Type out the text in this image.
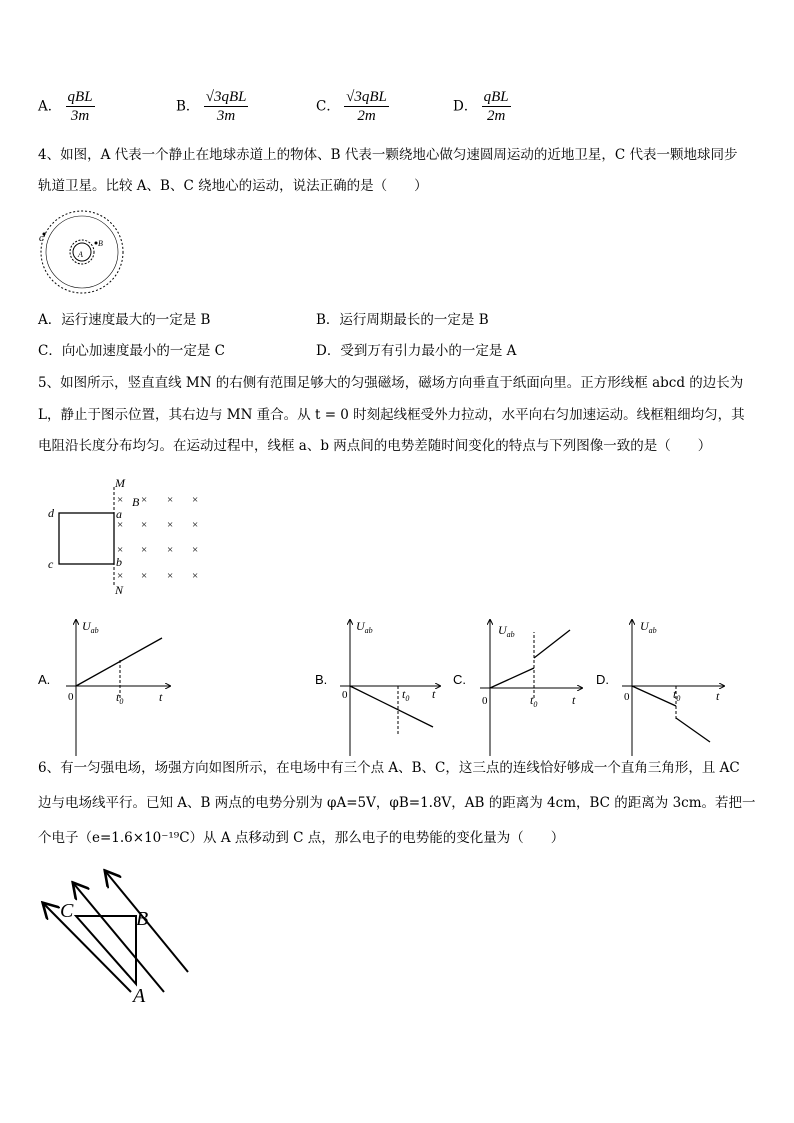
A． $\frac{\text{qBL}}{3m}$	B． $\frac{\text{√3qBL}}{3m}$	C． $\frac{\text{√3qBL}}{2m}$	D． $\frac{\text{qBL}}{2m}$
4、如图，A 代表一个静止在地球赤道上的物体、B 代表一颗绕地心做匀速圆周运动的近地卫星，C 代表一颗地球同步
轨道卫星。比较 A、B、C 绕地心的运动，说法正确的是（　　）
c
A
B
A．运行速度最大的一定是 B	B．运行周期最长的一定是 B
C．向心加速度最小的一定是 C	D．受到万有引力最小的一定是 A
5、如图所示，竖直直线 MN 的右侧有范围足够大的匀强磁场，磁场方向垂直于纸面向里。正方形线框 abcd 的边长为
L，静止于图示位置，其右边与 MN 重合。从 t = 0 时刻起线框受外力拉动，水平向右匀加速运动。线框粗细均匀，其
电阻沿长度分布均匀。在运动过程中，线框 a、b 两点间的电势差随时间变化的特点与下列图像一致的是（　　）
M
N
d
c
a
b
B
× × × ×
× × × ×
× × × ×
× × × ×
A.
$U_{ab}$
0	$t_0$	t
B.
$U_{ab}$
0	$t_0$ t
C.
$U_{ab}$
0	$t_0$	t
D.
$U_{ab}$
0	$t_0$	t
6、有一匀强电场，场强方向如图所示，在电场中有三个点 A、B、C，这三点的连线恰好够成一个直角三角形，且 AC
边与电场线平行。已知 A、B 两点的电势分别为 φA=5V，φB=1.8V，AB 的距离为 4cm，BC 的距离为 3cm。若把一
个电子（e=1.6×10⁻¹⁹C）从 A 点移动到 C 点，那么电子的电势能的变化量为（　　）
C	B
A
